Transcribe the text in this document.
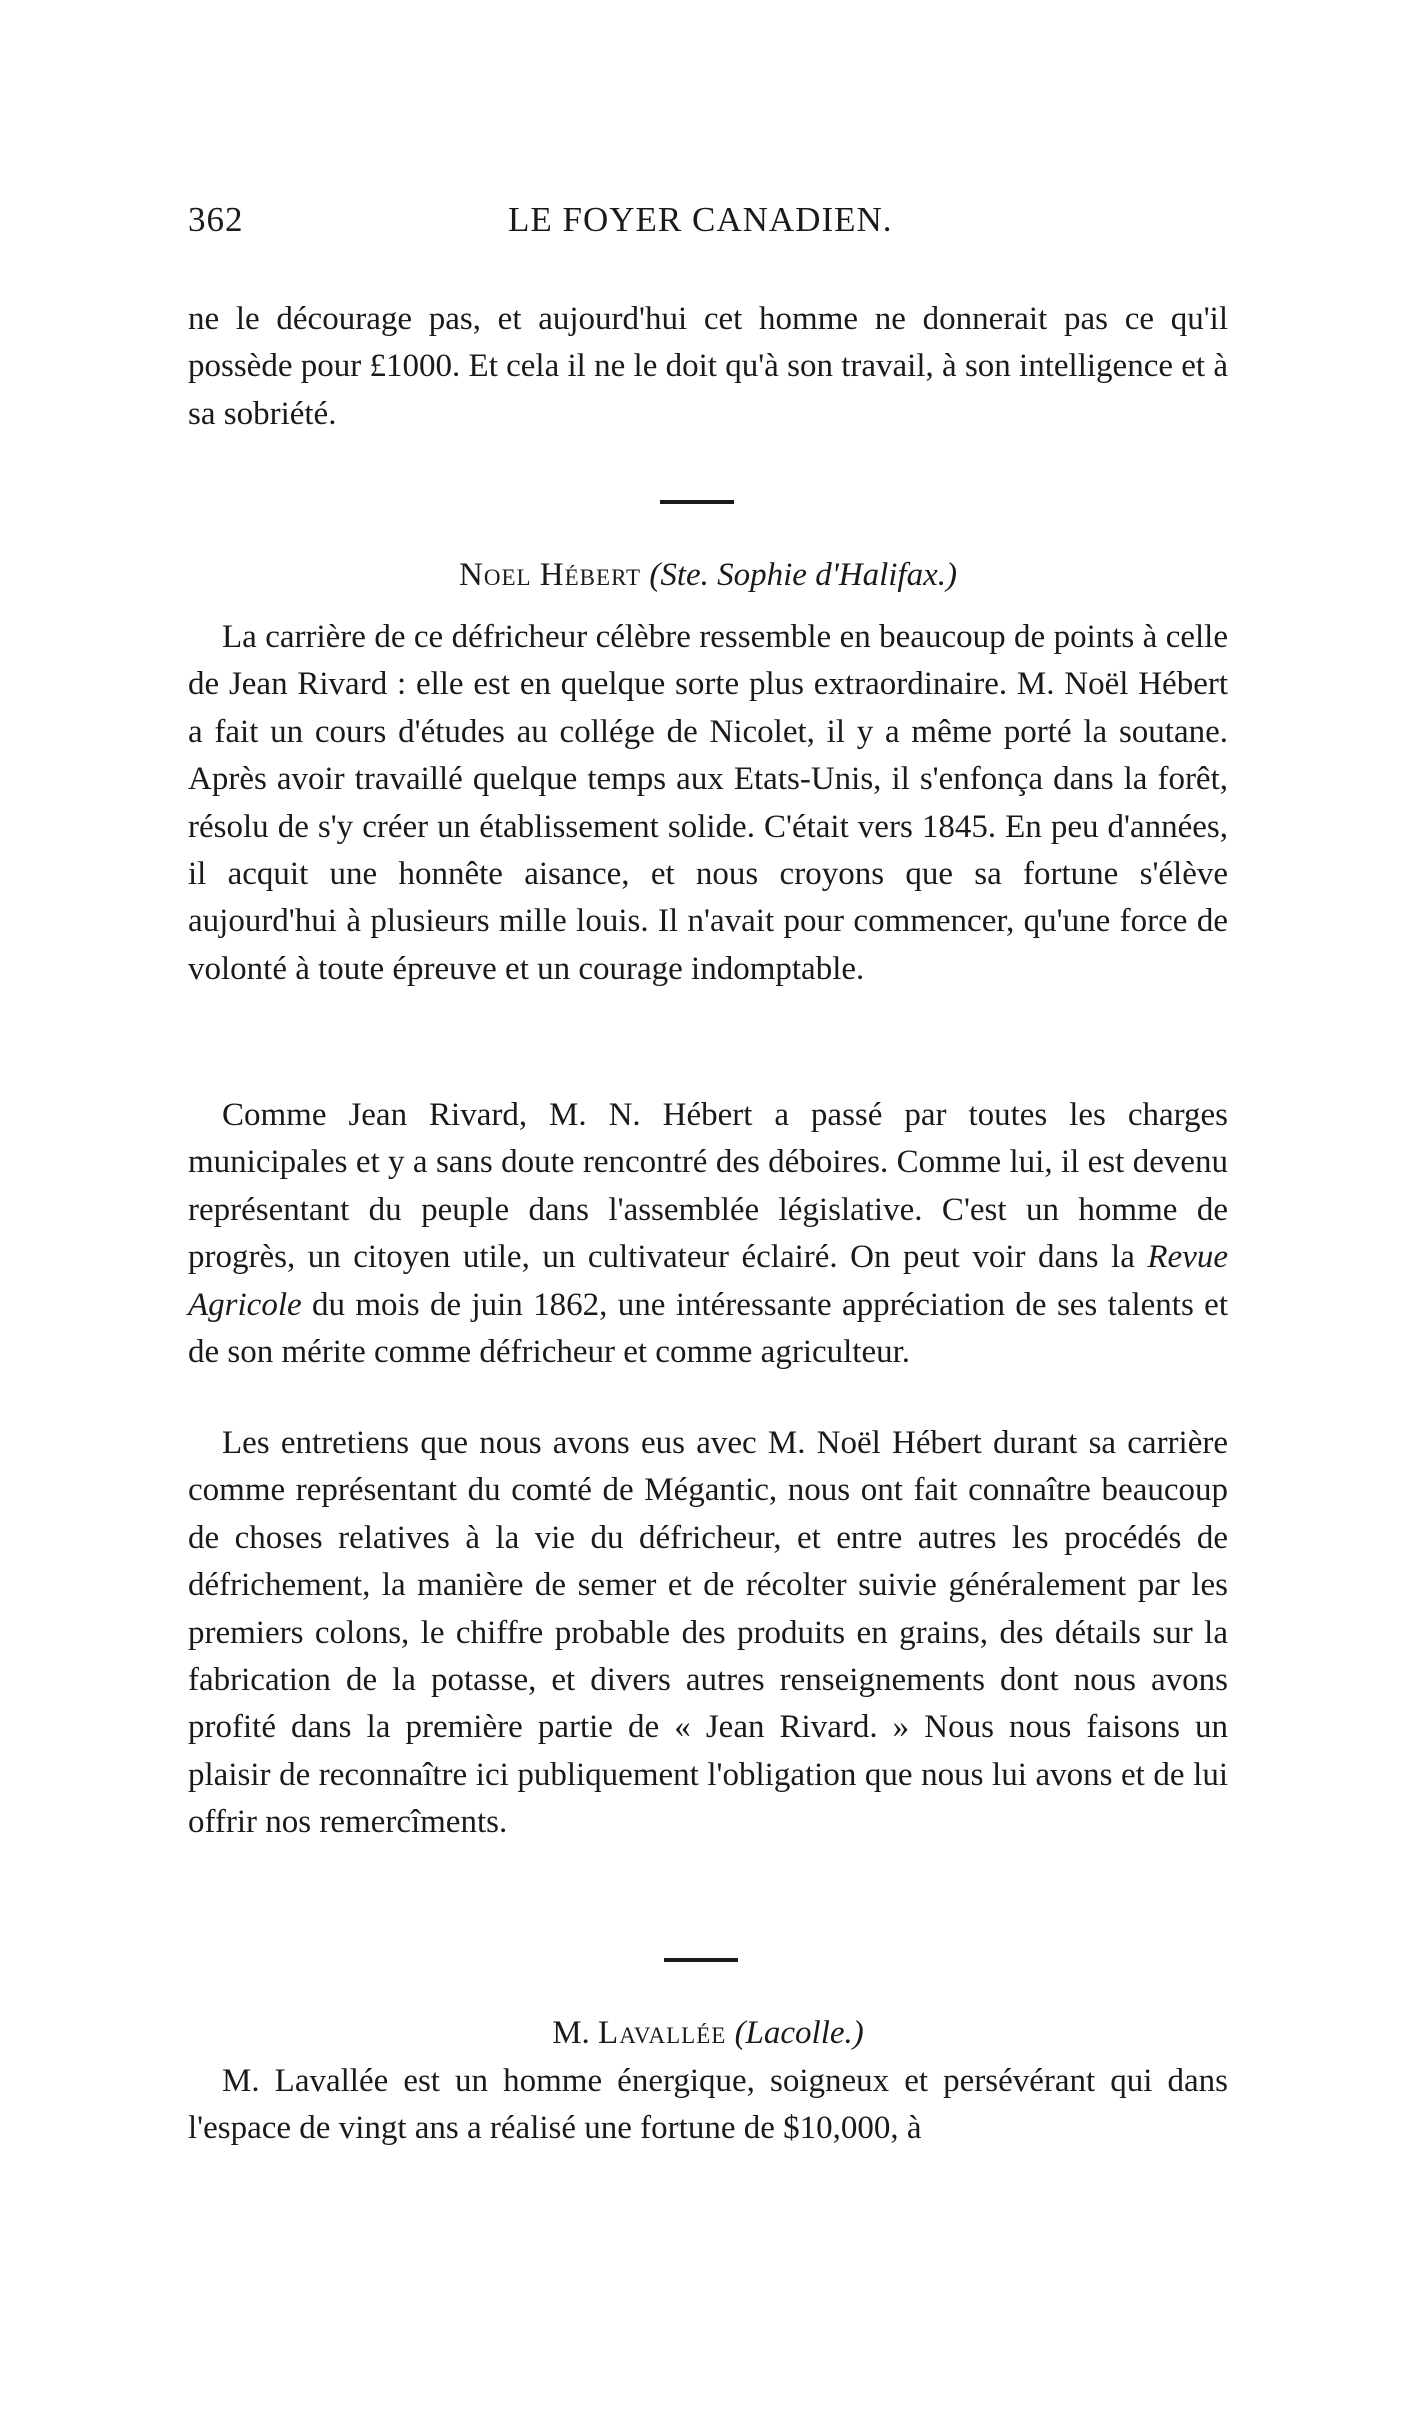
362	LE FOYER CANADIEN.

ne le décourage pas, et aujourd'hui cet homme ne donnerait pas ce qu'il possède pour £1000. Et cela il ne le doit qu'à son travail, à son intelligence et à sa sobriété.

Noel Hébert (Ste. Sophie d'Halifax.)

La carrière de ce défricheur célèbre ressemble en beaucoup de points à celle de Jean Rivard : elle est en quelque sorte plus extraordinaire. M. Noël Hébert a fait un cours d'études au collége de Nicolet, il y a même porté la soutane. Après avoir travaillé quelque temps aux Etats-Unis, il s'enfonça dans la forêt, résolu de s'y créer un établissement solide. C'était vers 1845. En peu d'années, il acquit une honnête aisance, et nous croyons que sa fortune s'élève aujourd'hui à plusieurs mille louis. Il n'avait pour commencer, qu'une force de volonté à toute épreuve et un courage indomptable.

Comme Jean Rivard, M. N. Hébert a passé par toutes les charges municipales et y a sans doute rencontré des déboires. Comme lui, il est devenu représentant du peuple dans l'assemblée législative. C'est un homme de progrès, un citoyen utile, un cultivateur éclairé. On peut voir dans la Revue Agricole du mois de juin 1862, une intéressante appréciation de ses talents et de son mérite comme défricheur et comme agriculteur.

Les entretiens que nous avons eus avec M. Noël Hébert durant sa carrière comme représentant du comté de Mégantic, nous ont fait connaître beaucoup de choses relatives à la vie du défricheur, et entre autres les procédés de défrichement, la manière de semer et de récolter suivie généralement par les premiers colons, le chiffre probable des produits en grains, des détails sur la fabrication de la potasse, et divers autres renseignements dont nous avons profité dans la première partie de « Jean Rivard. » Nous nous faisons un plaisir de reconnaître ici publiquement l'obligation que nous lui avons et de lui offrir nos remercîments.

M. Lavallée (Lacolle.)

M. Lavallée est un homme énergique, soigneux et persévérant qui dans l'espace de vingt ans a réalisé une fortune de $10,000, à
